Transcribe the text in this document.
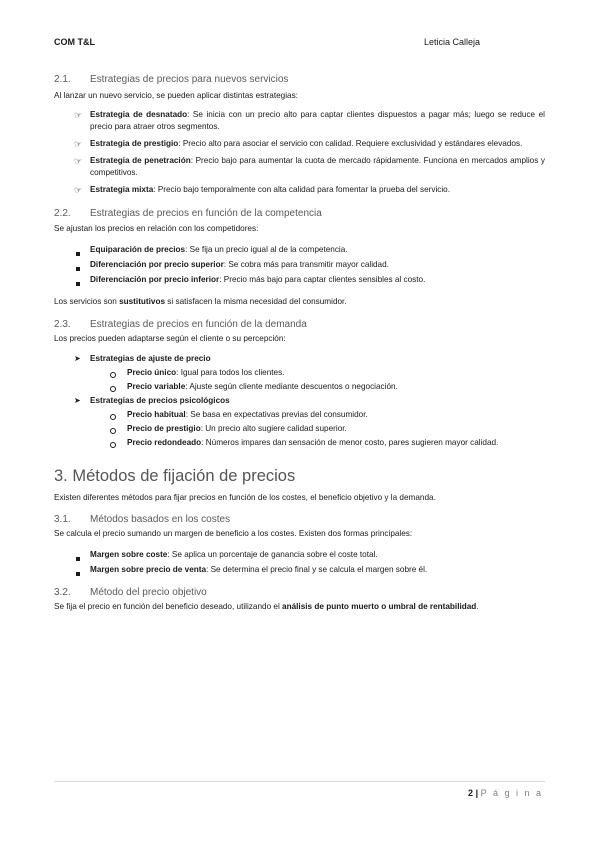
COM T&L	Leticia Calleja
2.1.	Estrategias de precios para nuevos servicios

Al lanzar un nuevo servicio, se pueden aplicar distintas estrategias:

☞ Estrategia de desnatado: Se inicia con un precio alto para captar clientes dispuestos a pagar más; luego se reduce el precio para atraer otros segmentos.
☞ Estrategia de prestigio: Precio alto para asociar el servicio con calidad. Requiere exclusividad y estándares elevados.
☞ Estrategia de penetración: Precio bajo para aumentar la cuota de mercado rápidamente. Funciona en mercados amplios y competitivos.
☞ Estrategia mixta: Precio bajo temporalmente con alta calidad para fomentar la prueba del servicio.
2.2.	Estrategias de precios en función de la competencia

Se ajustan los precios en relación con los competidores:

Equiparación de precios: Se fija un precio igual al de la competencia.
Diferenciación por precio superior: Se cobra más para transmitir mayor calidad.
Diferenciación por precio inferior: Precio más bajo para captar clientes sensibles al costo.

Los servicios son sustitutivos si satisfacen la misma necesidad del consumidor.

2.3.	Estrategias de precios en función de la demanda

Los precios pueden adaptarse según el cliente o su percepción:

➤	Estrategias de ajuste de precio
Precio único: Igual para todos los clientes.
Precio variable: Ajuste según cliente mediante descuentos o negociación.
➤	Estrategias de precios psicológicos
Precio habitual: Se basa en expectativas previas del consumidor.
Precio de prestigio: Un precio alto sugiere calidad superior.
Precio redondeado: Números impares dan sensación de menor costo, pares sugieren mayor calidad.
3. Métodos de fijación de precios

Existen diferentes métodos para fijar precios en función de los costes, el beneficio objetivo y la demanda.

3.1.	Métodos basados en los costes

Se calcula el precio sumando un margen de beneficio a los costes. Existen dos formas principales:

Margen sobre coste: Se aplica un porcentaje de ganancia sobre el coste total.
Margen sobre precio de venta: Se determina el precio final y se calcula el margen sobre él.
3.2.	Método del precio objetivo

Se fija el precio en función del beneficio deseado, utilizando el análisis de punto muerto o umbral de rentabilidad.

2 | P á g i n a
